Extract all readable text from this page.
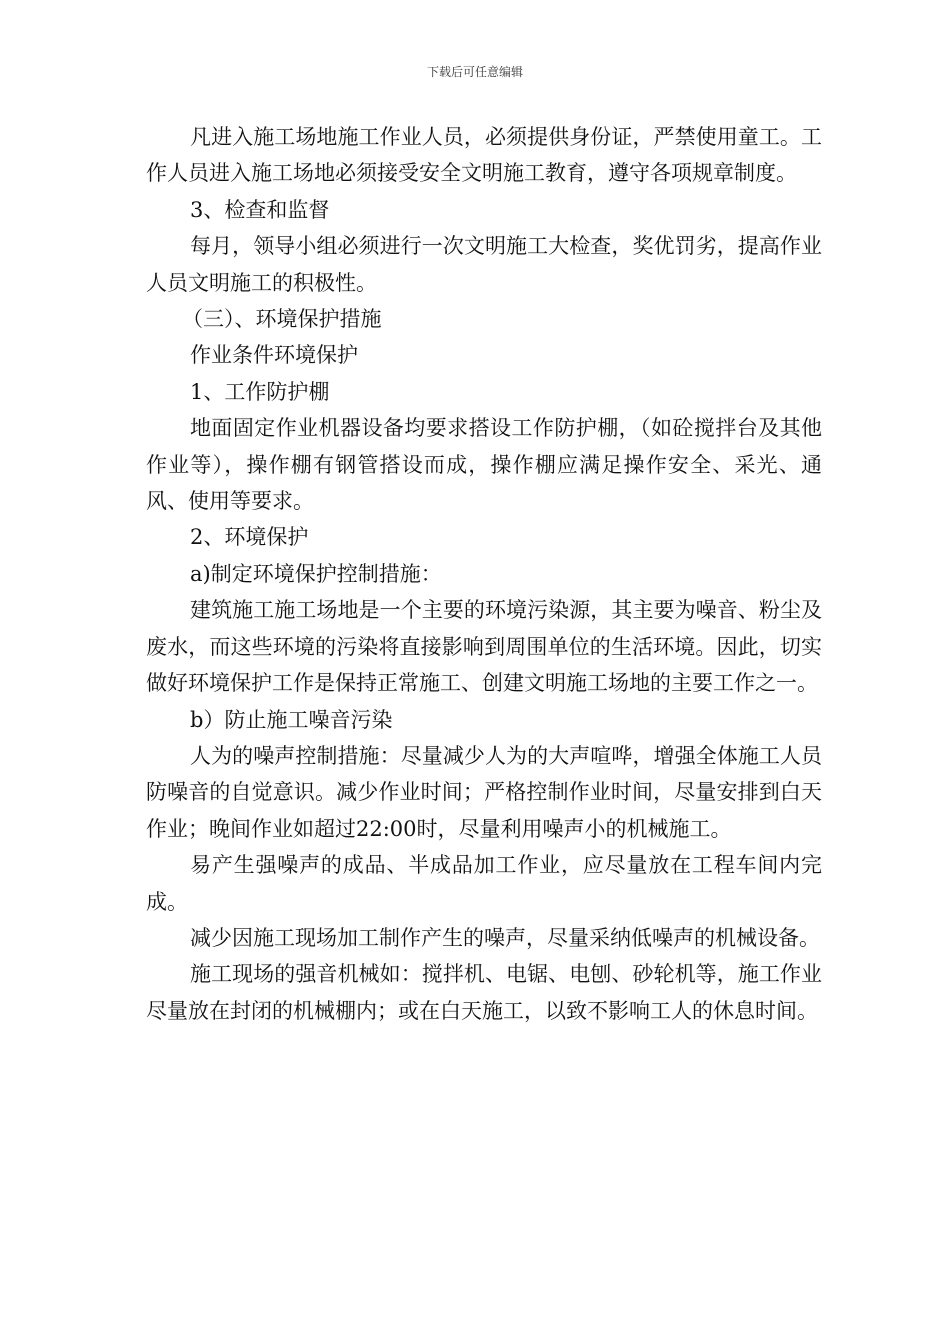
下载后可任意编辑

凡进入施工场地施工作业人员，必须提供身份证，严禁使用童工。工作人员进入施工场地必须接受安全文明施工教育，遵守各项规章制度。

3、检查和监督

每月，领导小组必须进行一次文明施工大检查，奖优罚劣，提高作业人员文明施工的积极性。

（三）、环境保护措施

作业条件环境保护

1、工作防护棚

地面固定作业机器设备均要求搭设工作防护棚，（如砼搅拌台及其他作业等），操作棚有钢管搭设而成，操作棚应满足操作安全、采光、通风、使用等要求。

2、环境保护

a)制定环境保护控制措施：

建筑施工施工场地是一个主要的环境污染源，其主要为噪音、粉尘及废水，而这些环境的污染将直接影响到周围单位的生活环境。因此，切实做好环境保护工作是保持正常施工、创建文明施工场地的主要工作之一。

b）防止施工噪音污染

人为的噪声控制措施：尽量减少人为的大声喧哗，增强全体施工人员防噪音的自觉意识。减少作业时间；严格控制作业时间，尽量安排到白天作业；晚间作业如超过22:00时，尽量利用噪声小的机械施工。

易产生强噪声的成品、半成品加工作业，应尽量放在工程车间内完成。

减少因施工现场加工制作产生的噪声，尽量采纳低噪声的机械设备。

施工现场的强音机械如：搅拌机、电锯、电刨、砂轮机等，施工作业尽量放在封闭的机械棚内；或在白天施工，以致不影响工人的休息时间。
